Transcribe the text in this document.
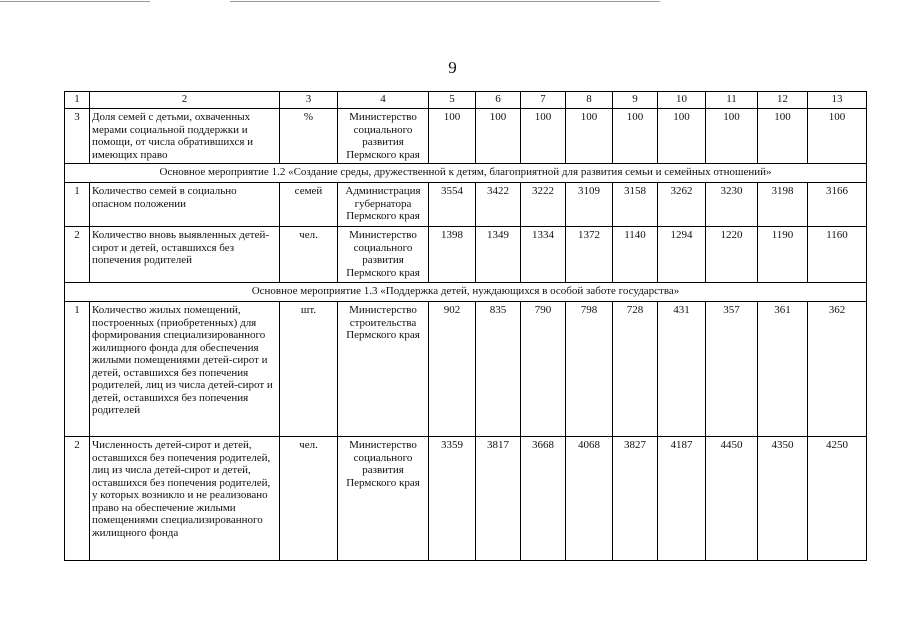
9
1	2	3	4	5	6	7	8	9	10	11	12	13
3	Доля семей с детьми, охваченных мерами социальной поддержки и помощи, от числа обратившихся и имеющих право	%	Министерство социального развития Пермского края	100	100	100	100	100	100	100	100	100
Основное мероприятие 1.2 «Создание среды, дружественной к детям, благоприятной для развития семьи и семейных отношений»												
1	Количество семей в социально опасном положении	семей	Администрация губернатора Пермского края	3554	3422	3222	3109	3158	3262	3230	3198	3166
2	Количество вновь выявленных детей-сирот и детей, оставшихся без попечения родителей	чел.	Министерство социального развития Пермского края	1398	1349	1334	1372	1140	1294	1220	1190	1160
Основное мероприятие 1.3 «Поддержка детей, нуждающихся в особой заботе государства»												
1	Количество жилых помещений, построенных (приобретенных) для формирования специализированного жилищного фонда для обеспечения жилыми помещениями детей-сирот и детей, оставшихся без попечения родителей, лиц из числа детей-сирот и детей, оставшихся без попечения родителей	шт.	Министерство строительства Пермского края	902	835	790	798	728	431	357	361	362
2	Численность детей-сирот и детей, оставшихся без попечения родителей, лиц из числа детей-сирот и детей, оставшихся без попечения родителей, у которых возникло и не реализовано право на обеспечение жилыми помещениями специализированного жилищного фонда	чел.	Министерство социального развития Пермского края	3359	3817	3668	4068	3827	4187	4450	4350	4250
